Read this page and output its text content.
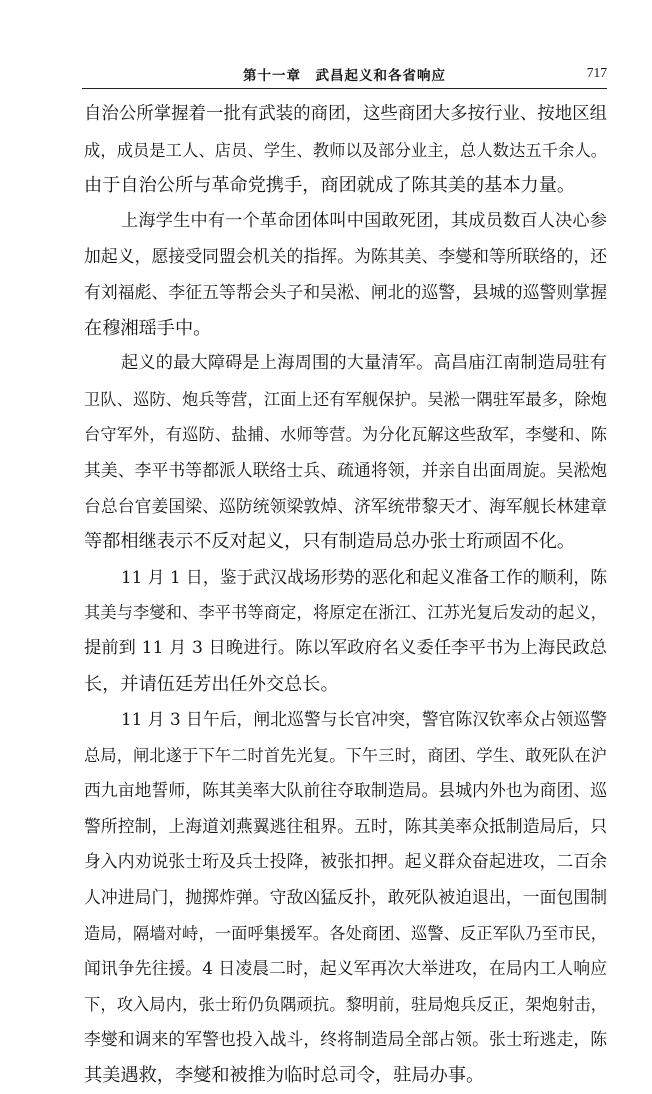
第十一章　武昌起义和各省响应	717
自治公所掌握着一批有武装的商团，这些商团大多按行业、按地区组
成，成员是工人、店员、学生、教师以及部分业主，总人数达五千余人。
由于自治公所与革命党携手，商团就成了陈其美的基本力量。
上海学生中有一个革命团体叫中国敢死团，其成员数百人决心参
加起义，愿接受同盟会机关的指挥。为陈其美、李燮和等所联络的，还
有刘福彪、李征五等帮会头子和吴淞、闸北的巡警，县城的巡警则掌握
在穆湘瑶手中。
起义的最大障碍是上海周围的大量清军。高昌庙江南制造局驻有
卫队、巡防、炮兵等营，江面上还有军舰保护。吴淞一隅驻军最多，除炮
台守军外，有巡防、盐捕、水师等营。为分化瓦解这些敌军，李燮和、陈
其美、李平书等都派人联络士兵、疏通将领，并亲自出面周旋。吴淞炮
台总台官姜国梁、巡防统领梁敦焯、济军统带黎天才、海军舰长林建章
等都相继表示不反对起义，只有制造局总办张士珩顽固不化。
11 月 1 日，鉴于武汉战场形势的恶化和起义准备工作的顺利，陈
其美与李燮和、李平书等商定，将原定在浙江、江苏光复后发动的起义，
提前到 11 月 3 日晚进行。陈以军政府名义委任李平书为上海民政总
长，并请伍廷芳出任外交总长。
11 月 3 日午后，闸北巡警与长官冲突，警官陈汉钦率众占领巡警
总局，闸北遂于下午二时首先光复。下午三时，商团、学生、敢死队在沪
西九亩地誓师，陈其美率大队前往夺取制造局。县城内外也为商团、巡
警所控制，上海道刘燕翼逃往租界。五时，陈其美率众抵制造局后，只
身入内劝说张士珩及兵士投降，被张扣押。起义群众奋起进攻，二百余
人冲进局门，抛掷炸弹。守敌凶猛反扑，敢死队被迫退出，一面包围制
造局，隔墙对峙，一面呼集援军。各处商团、巡警、反正军队乃至市民，
闻讯争先往援。4 日凌晨二时，起义军再次大举进攻，在局内工人响应
下，攻入局内，张士珩仍负隅顽抗。黎明前，驻局炮兵反正，架炮射击，
李燮和调来的军警也投入战斗，终将制造局全部占领。张士珩逃走，陈
其美遇救，李燮和被推为临时总司令，驻局办事。
